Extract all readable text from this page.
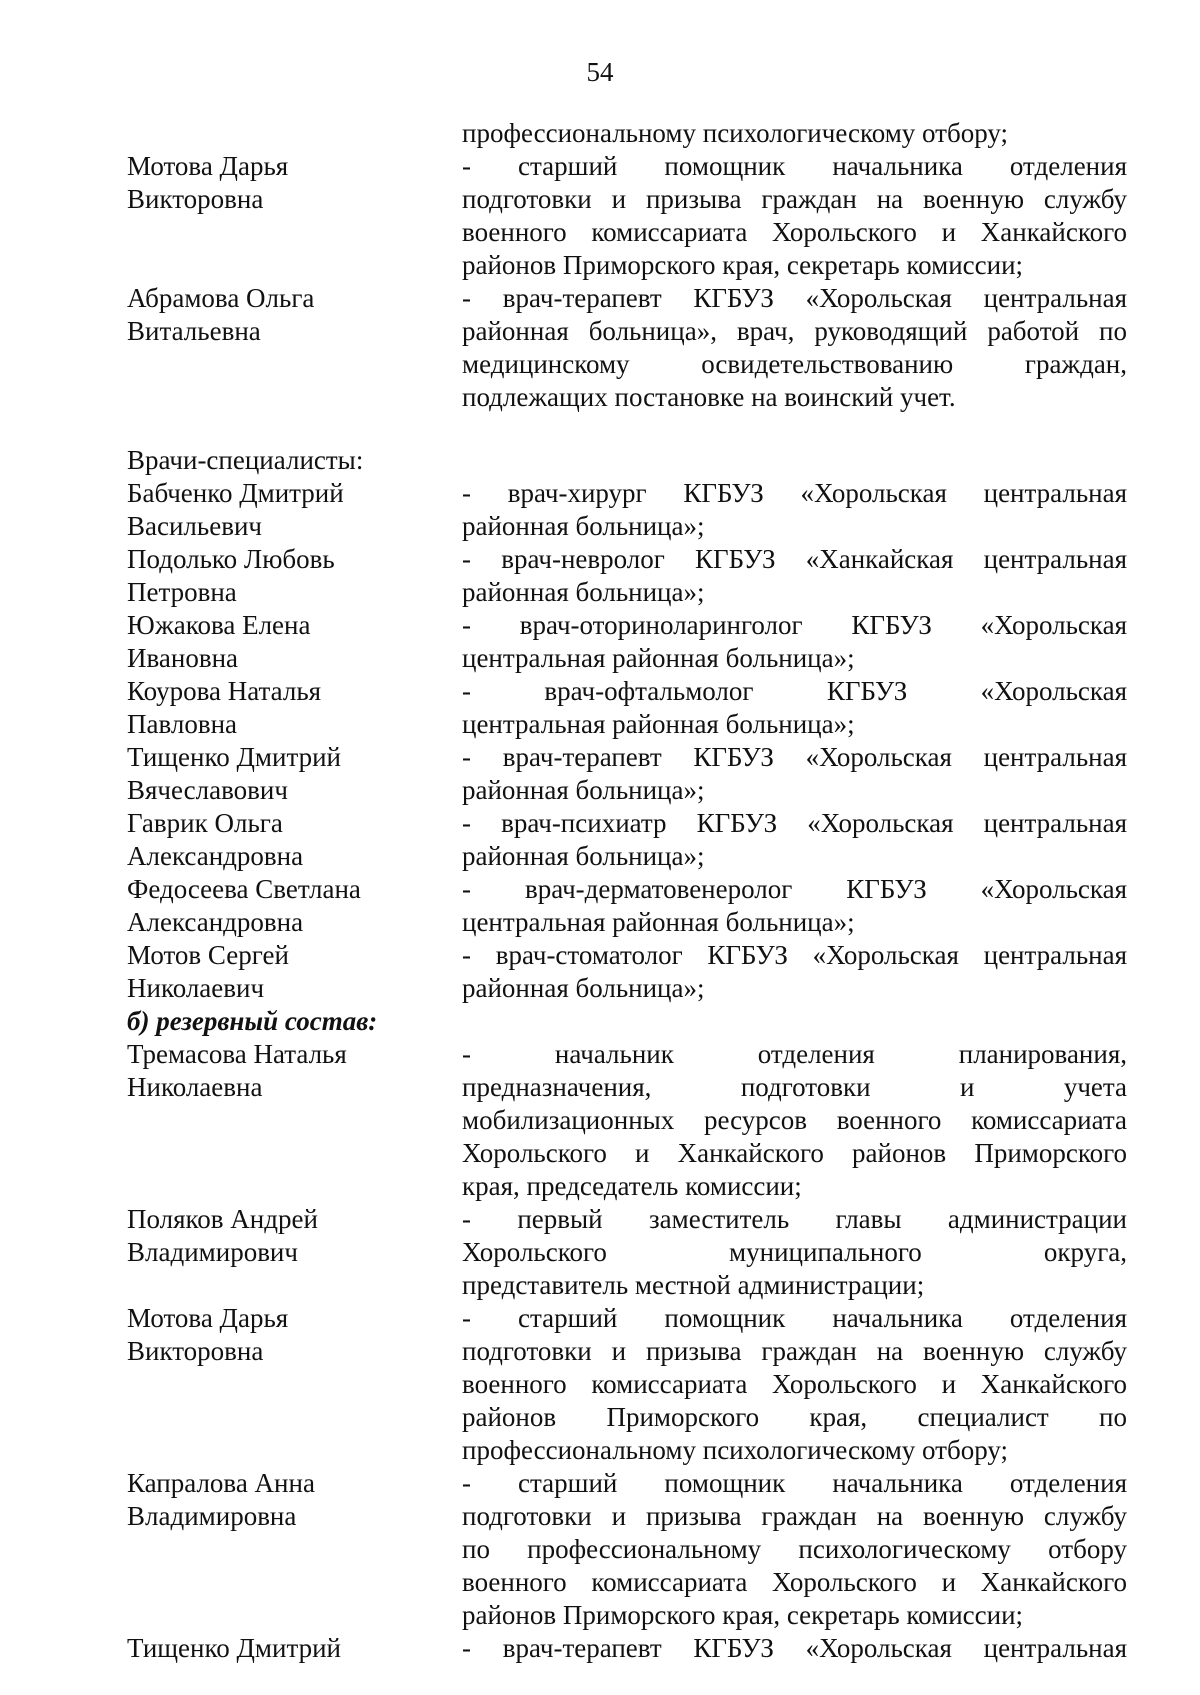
54
профессиональному психологическому отбору;
Мотова Дарья
Викторовна
- старший помощник начальника отделения
подготовки и призыва граждан на военную службу
военного комиссариата Хорольского и Ханкайского
районов Приморского края, секретарь комиссии;
Абрамова Ольга
Витальевна
- врач-терапевт КГБУЗ «Хорольская центральная
районная больница», врач, руководящий работой по
медицинскому освидетельствованию граждан,
подлежащих постановке на воинский учет.
Врачи-специалисты:
Бабченко Дмитрий
Васильевич
- врач-хирург КГБУЗ «Хорольская центральная
районная больница»;
Подолько Любовь
Петровна
- врач-невролог КГБУЗ «Ханкайская центральная
районная больница»;
Южакова Елена
Ивановна
- врач-оториноларинголог КГБУЗ «Хорольская
центральная районная больница»;
Коурова Наталья
Павловна
- врач-офтальмолог КГБУЗ «Хорольская
центральная районная больница»;
Тищенко Дмитрий
Вячеславович
- врач-терапевт КГБУЗ «Хорольская центральная
районная больница»;
Гаврик Ольга
Александровна
- врач-психиатр КГБУЗ «Хорольская центральная
районная больница»;
Федосеева Светлана
Александровна
- врач-дерматовенеролог КГБУЗ «Хорольская
центральная районная больница»;
Мотов Сергей
Николаевич
- врач-стоматолог КГБУЗ «Хорольская центральная
районная больница»;
б) резервный состав:
Тремасова Наталья
Николаевна
- начальник отделения планирования,
предназначения, подготовки и учета
мобилизационных ресурсов военного комиссариата
Хорольского и Ханкайского районов Приморского
края, председатель комиссии;
Поляков Андрей
Владимирович
- первый заместитель главы администрации
Хорольского муниципального округа,
представитель местной администрации;
Мотова Дарья
Викторовна
- старший помощник начальника отделения
подготовки и призыва граждан на военную службу
военного комиссариата Хорольского и Ханкайского
районов Приморского края, специалист по
профессиональному психологическому отбору;
Капралова Анна
Владимировна
- старший помощник начальника отделения
подготовки и призыва граждан на военную службу
по профессиональному психологическому отбору
военного комиссариата Хорольского и Ханкайского
районов Приморского края, секретарь комиссии;
Тищенко Дмитрий	- врач-терапевт КГБУЗ «Хорольская центральная
